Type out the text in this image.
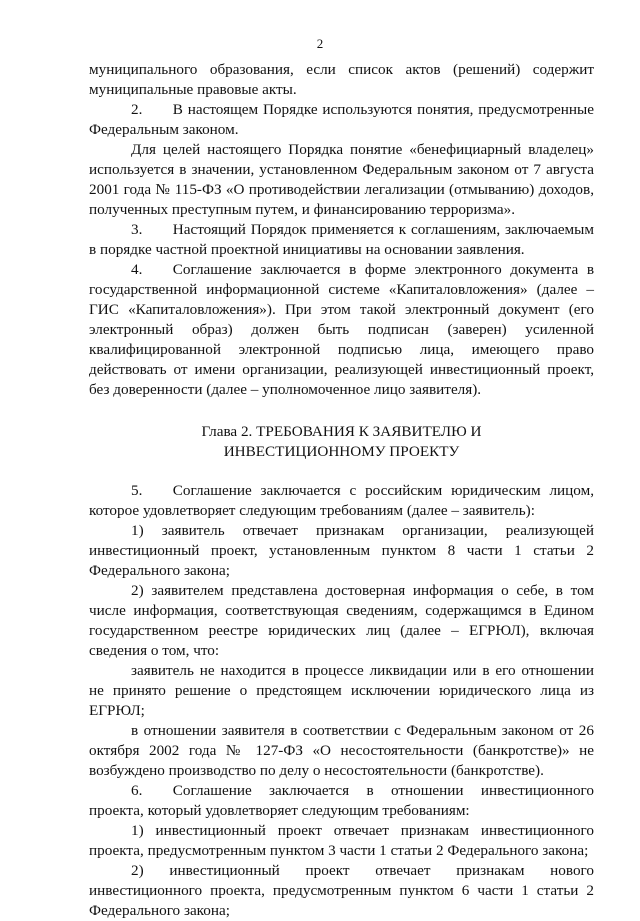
2

муниципального образования, если список актов (решений) содержит муниципальные правовые акты.

2.  В настоящем Порядке используются понятия, предусмотренные Федеральным законом.

Для целей настоящего Порядка понятие «бенефициарный владелец» используется в значении, установленном Федеральным законом от 7 августа 2001 года № 115-ФЗ «О противодействии легализации (отмыванию) доходов, полученных преступным путем, и финансированию терроризма».

3.  Настоящий Порядок применяется к соглашениям, заключаемым в порядке частной проектной инициативы на основании заявления.

4.  Соглашение заключается в форме электронного документа в государственной информационной системе «Капиталовложения» (далее – ГИС «Капиталовложения»). При этом такой электронный документ (его электронный образ) должен быть подписан (заверен) усиленной квалифицированной электронной подписью лица, имеющего право действовать от имени организации, реализующей инвестиционный проект, без доверенности (далее – уполномоченное лицо заявителя).

Глава 2. ТРЕБОВАНИЯ К ЗАЯВИТЕЛЮ И
ИНВЕСТИЦИОННОМУ ПРОЕКТУ

5.  Соглашение заключается с российским юридическим лицом, которое удовлетворяет следующим требованиям (далее – заявитель):

1) заявитель отвечает признакам организации, реализующей инвестиционный проект, установленным пунктом 8 части 1 статьи 2 Федерального закона;

2) заявителем представлена достоверная информация о себе, в том числе информация, соответствующая сведениям, содержащимся в Едином государственном реестре юридических лиц (далее – ЕГРЮЛ), включая сведения о том, что:

заявитель не находится в процессе ликвидации или в его отношении не принято решение о предстоящем исключении юридического лица из ЕГРЮЛ;

в отношении заявителя в соответствии с Федеральным законом от 26 октября 2002 года № 127-ФЗ «О несостоятельности (банкротстве)» не возбуждено производство по делу о несостоятельности (банкротстве).

6.  Соглашение заключается в отношении инвестиционного проекта, который удовлетворяет следующим требованиям:

1) инвестиционный проект отвечает признакам инвестиционного проекта, предусмотренным пунктом 3 части 1 статьи 2 Федерального закона;

2) инвестиционный проект отвечает признакам нового инвестиционного проекта, предусмотренным пунктом 6 части 1 статьи 2 Федерального закона;
